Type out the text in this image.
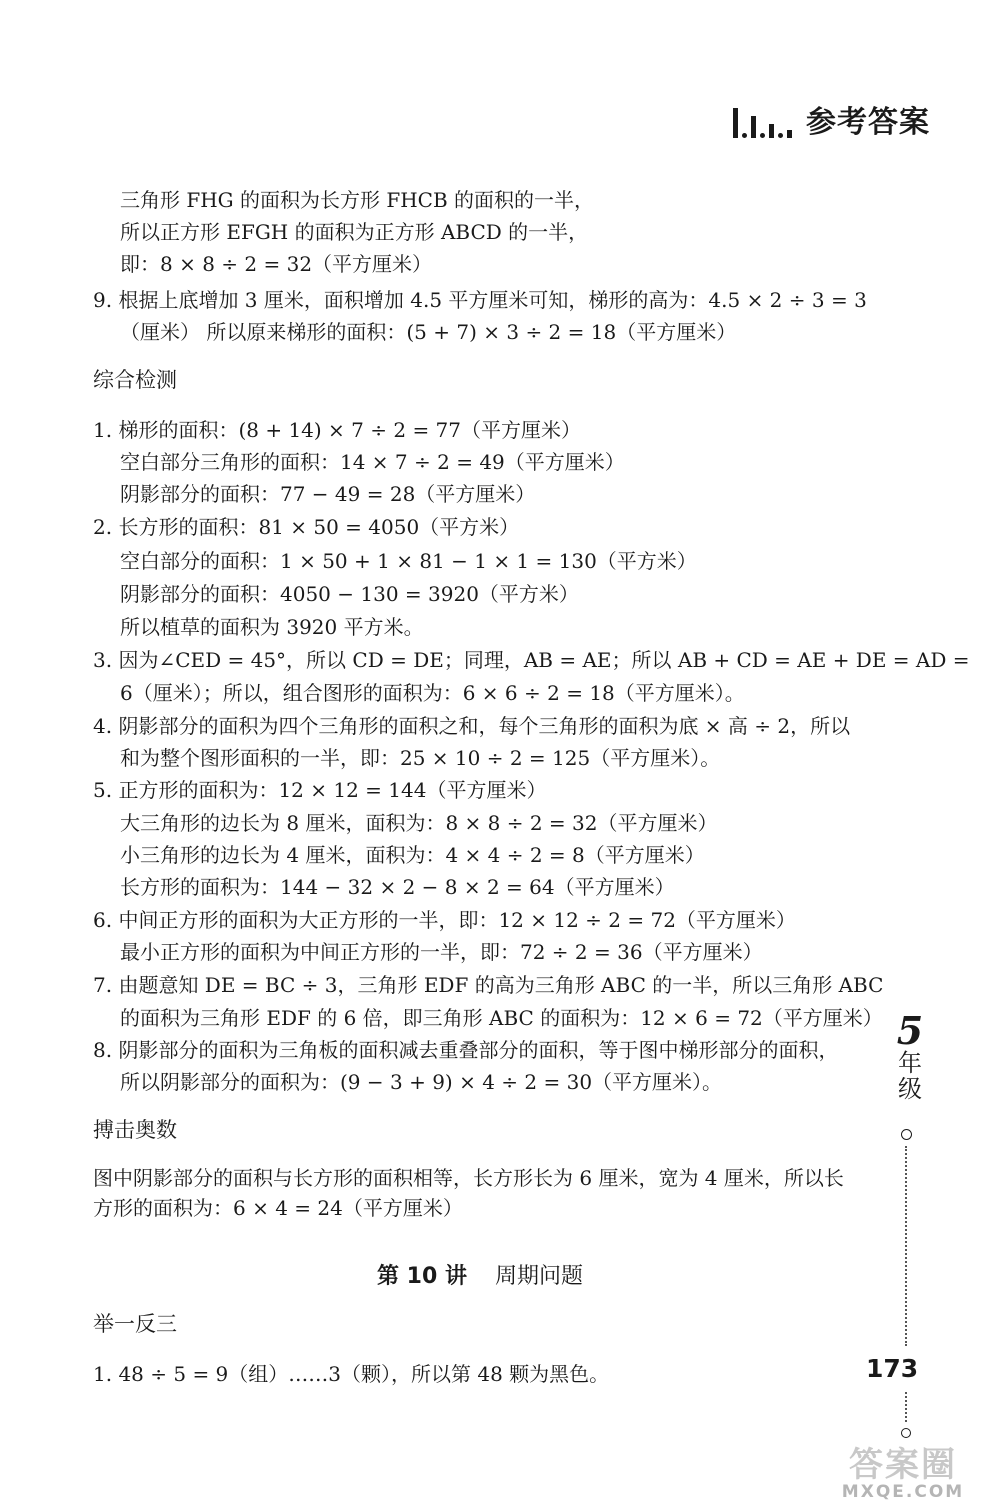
参考答案
三角形 FHG 的面积为长方形 FHCB 的面积的一半，
所以正方形 EFGH 的面积为正方形 ABCD 的一半，
即：8 × 8 ÷ 2 = 32（平方厘米）
9. 根据上底增加 3 厘米，面积增加 4.5 平方厘米可知，梯形的高为：4.5 × 2 ÷ 3 = 3
（厘米） 所以原来梯形的面积：(5 + 7) × 3 ÷ 2 = 18（平方厘米）
综合检测
1. 梯形的面积：(8 + 14) × 7 ÷ 2 = 77（平方厘米）
空白部分三角形的面积：14 × 7 ÷ 2 = 49（平方厘米）
阴影部分的面积：77 − 49 = 28（平方厘米）
2. 长方形的面积：81 × 50 = 4050（平方米）
空白部分的面积：1 × 50 + 1 × 81 − 1 × 1 = 130（平方米）
阴影部分的面积：4050 − 130 = 3920（平方米）
所以植草的面积为 3920 平方米。
3. 因为∠CED = 45°，所以 CD = DE；同理，AB = AE；所以 AB + CD = AE + DE = AD =
6（厘米）；所以，组合图形的面积为：6 × 6 ÷ 2 = 18（平方厘米）。
4. 阴影部分的面积为四个三角形的面积之和，每个三角形的面积为底 × 高 ÷ 2，所以
和为整个图形面积的一半，即：25 × 10 ÷ 2 = 125（平方厘米）。
5. 正方形的面积为：12 × 12 = 144（平方厘米）
大三角形的边长为 8 厘米，面积为：8 × 8 ÷ 2 = 32（平方厘米）
小三角形的边长为 4 厘米，面积为：4 × 4 ÷ 2 = 8（平方厘米）
长方形的面积为：144 − 32 × 2 − 8 × 2 = 64（平方厘米）
6. 中间正方形的面积为大正方形的一半，即：12 × 12 ÷ 2 = 72（平方厘米）
最小正方形的面积为中间正方形的一半，即：72 ÷ 2 = 36（平方厘米）
7. 由题意知 DE = BC ÷ 3，三角形 EDF 的高为三角形 ABC 的一半，所以三角形 ABC
的面积为三角形 EDF 的 6 倍，即三角形 ABC 的面积为：12 × 6 = 72（平方厘米）
8. 阴影部分的面积为三角板的面积减去重叠部分的面积，等于图中梯形部分的面积，
所以阴影部分的面积为：(9 − 3 + 9) × 4 ÷ 2 = 30（平方厘米）。
搏击奥数
图中阴影部分的面积与长方形的面积相等，长方形长为 6 厘米，宽为 4 厘米，所以长
方形的面积为：6 × 4 = 24（平方厘米）
第 10 讲 周期问题
举一反三
1. 48 ÷ 5 = 9（组）……3（颗），所以第 48 颗为黑色。
5
年
级
173
答案圈
MXQE.COM
